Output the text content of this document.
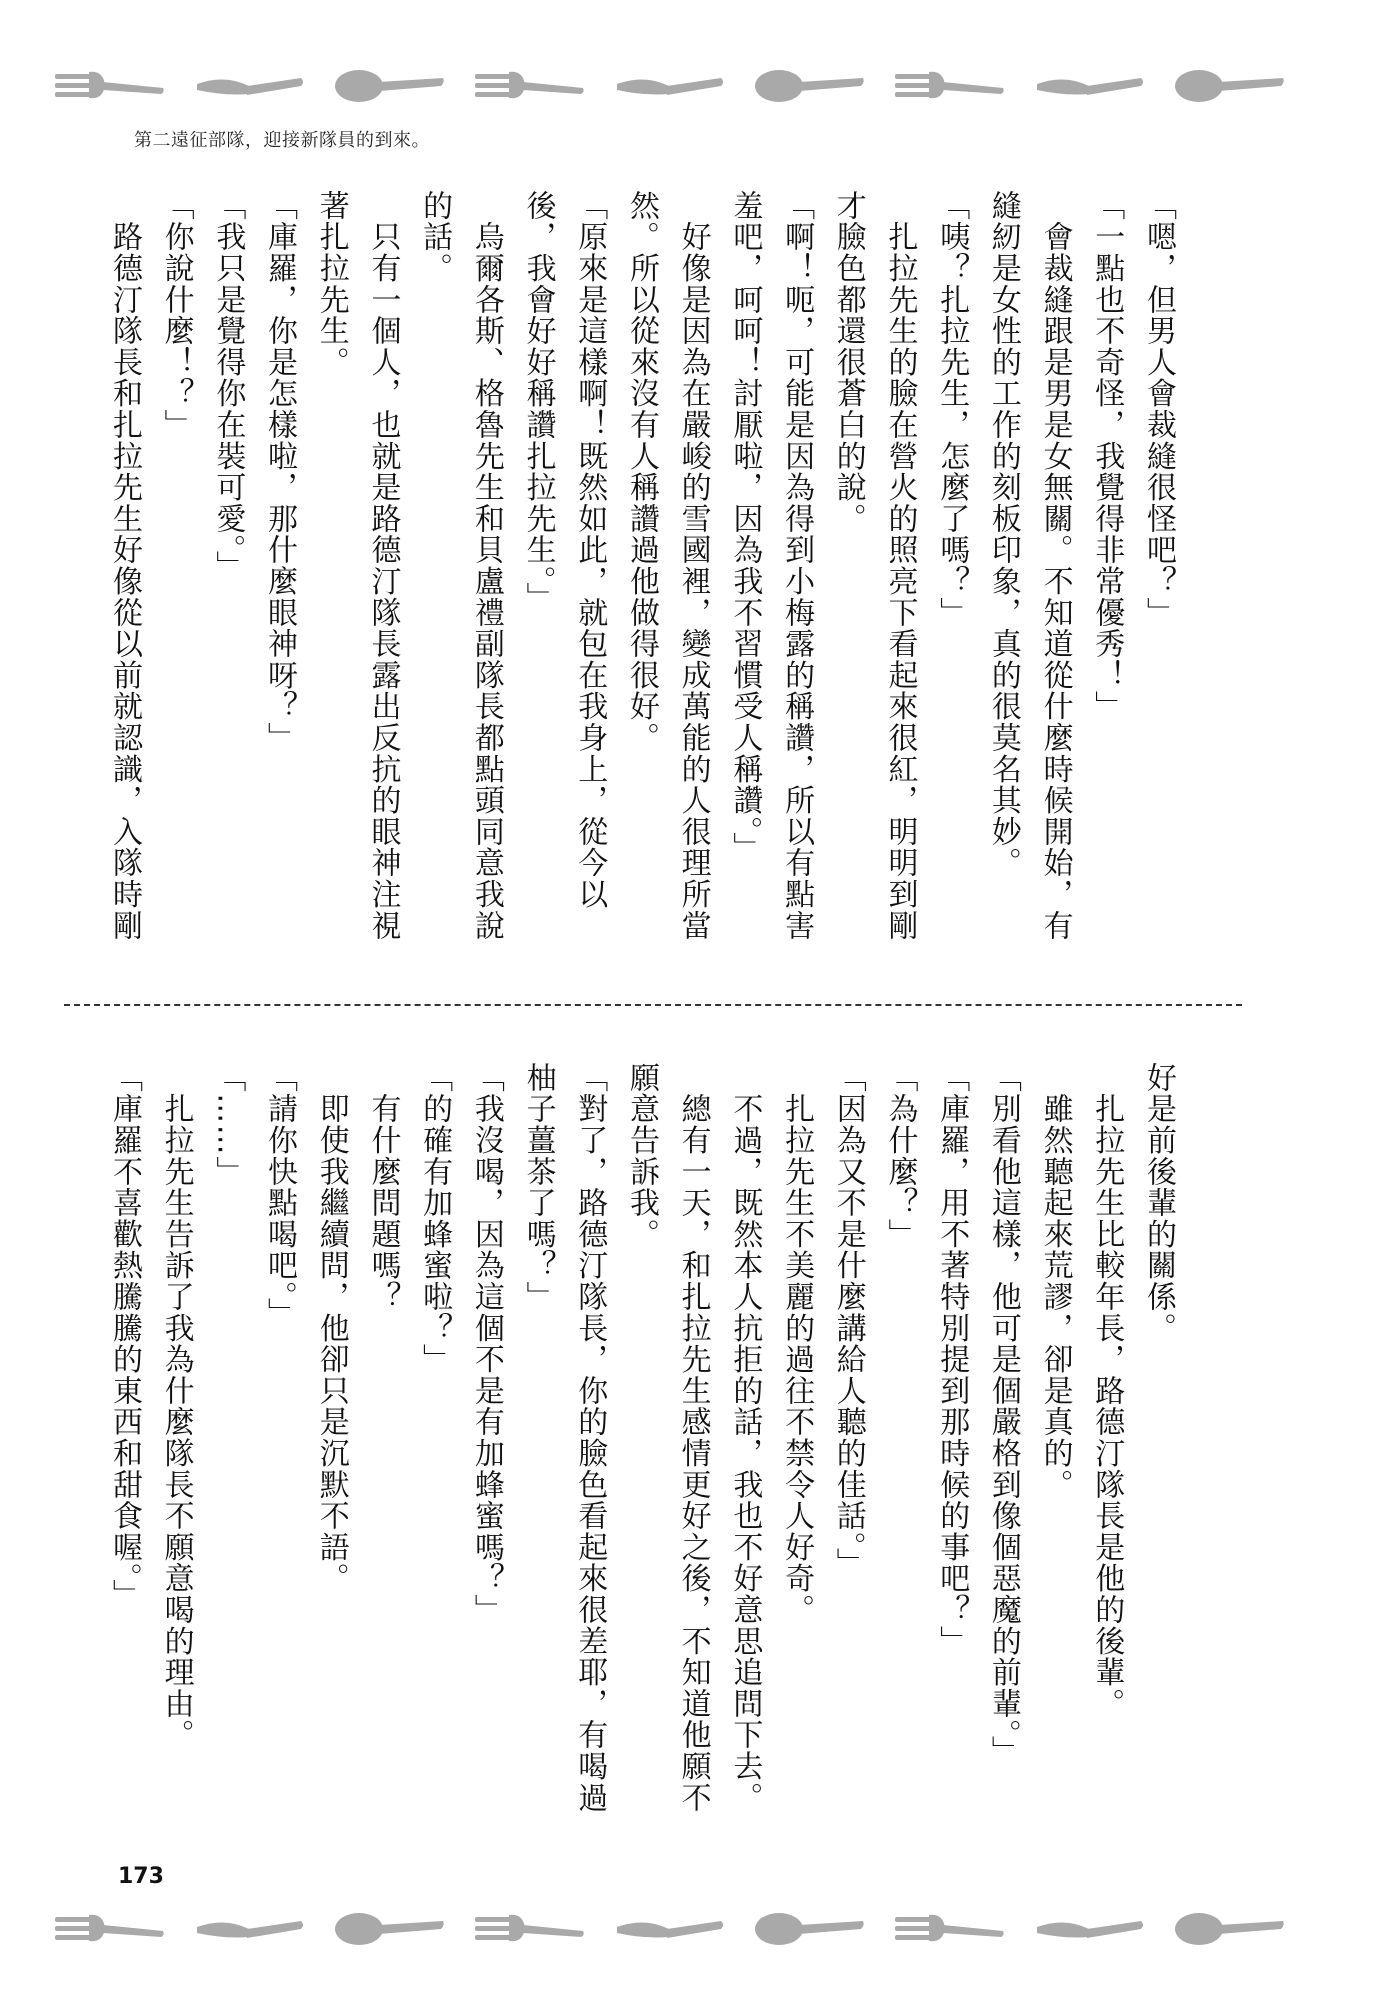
第二遠征部隊，迎接新隊員的到來。
「嗯，但男人會裁縫很怪吧？」
「一點也不奇怪，我覺得非常優秀！」
　會裁縫跟是男是女無關。不知道從什麼時候開始，有
縫紉是女性的工作的刻板印象，真的很莫名其妙。
「咦？扎拉先生，怎麼了嗎？」
　扎拉先生的臉在營火的照亮下看起來很紅，明明到剛
才臉色都還很蒼白的說。
「啊！呃，可能是因為得到小梅露的稱讚，所以有點害
羞吧，呵呵！討厭啦，因為我不習慣受人稱讚。」
　好像是因為在嚴峻的雪國裡，變成萬能的人很理所當
然。所以從來沒有人稱讚過他做得很好。
「原來是這樣啊！既然如此，就包在我身上，從今以
後，我會好好稱讚扎拉先生。」
　烏爾各斯、格魯先生和貝盧禮副隊長都點頭同意我說
的話。
　只有一個人，也就是路德汀隊長露出反抗的眼神注視
著扎拉先生。
「庫羅，你是怎樣啦，那什麼眼神呀？」
「我只是覺得你在裝可愛。」
「你說什麼！？」
　路德汀隊長和扎拉先生好像從以前就認識，入隊時剛
好是前後輩的關係。
　扎拉先生比較年長，路德汀隊長是他的後輩。
　雖然聽起來荒謬，卻是真的。
「別看他這樣，他可是個嚴格到像個惡魔的前輩。」
「庫羅，用不著特別提到那時候的事吧？」
「為什麼？」
「因為又不是什麼講給人聽的佳話。」
　扎拉先生不美麗的過往不禁令人好奇。
　不過，既然本人抗拒的話，我也不好意思追問下去。
　總有一天，和扎拉先生感情更好之後，不知道他願不
願意告訴我。
「對了，路德汀隊長，你的臉色看起來很差耶，有喝過
柚子薑茶了嗎？」
「我沒喝，因為這個不是有加蜂蜜嗎？」
「的確有加蜂蜜啦？」
　有什麼問題嗎？
　即使我繼續問，他卻只是沉默不語。
「請你快點喝吧。」
「……」
　扎拉先生告訴了我為什麼隊長不願意喝的理由。
「庫羅不喜歡熱騰騰的東西和甜食喔。」
173
